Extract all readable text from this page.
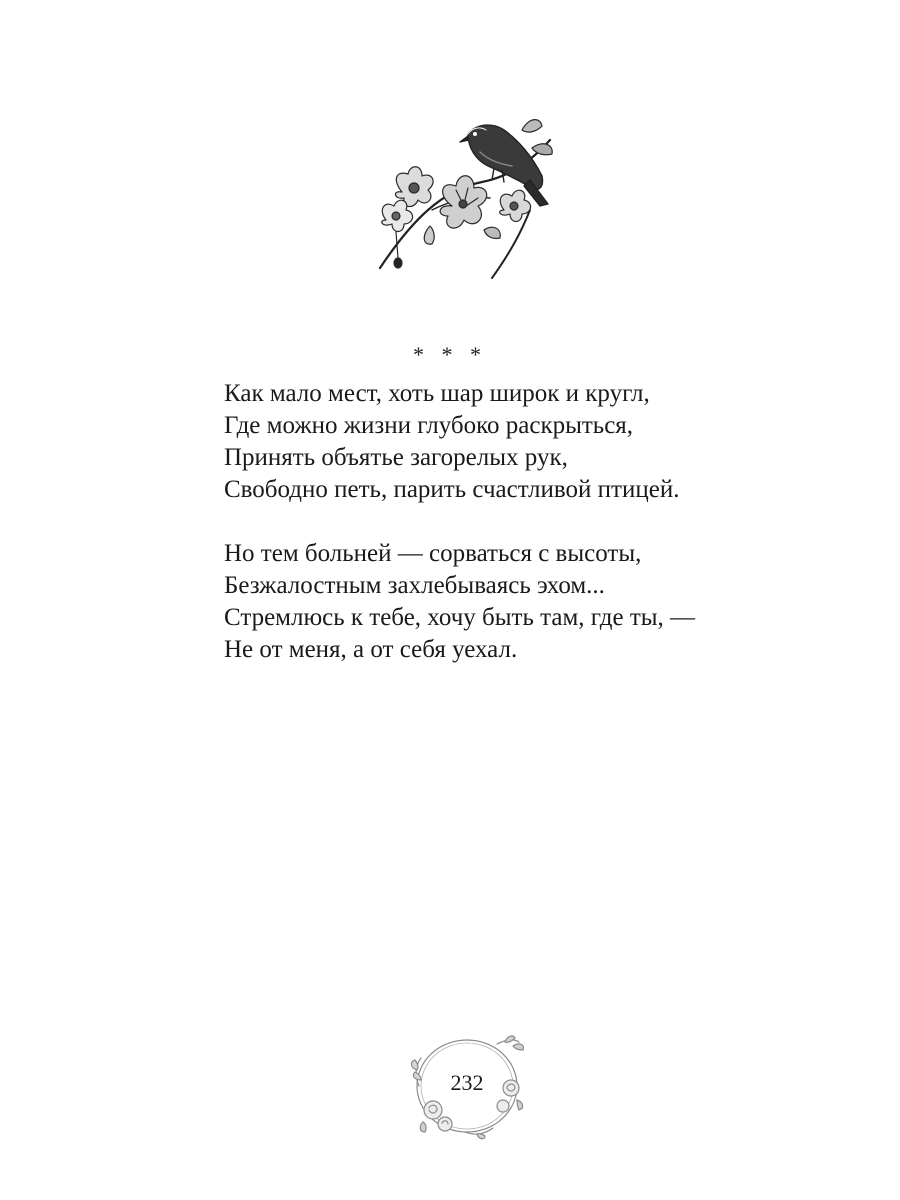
* * *
Как мало мест, хоть шар широк и кругл,
Где можно жизни глубоко раскрыться,
Принять объятье загорелых рук,
Свободно петь, парить счастливой птицей.
Но тем больней — сорваться с высоты,
Безжалостным захлебываясь эхом...
Стремлюсь к тебе, хочу быть там, где ты, —
Не от меня, а от себя уехал.
232
